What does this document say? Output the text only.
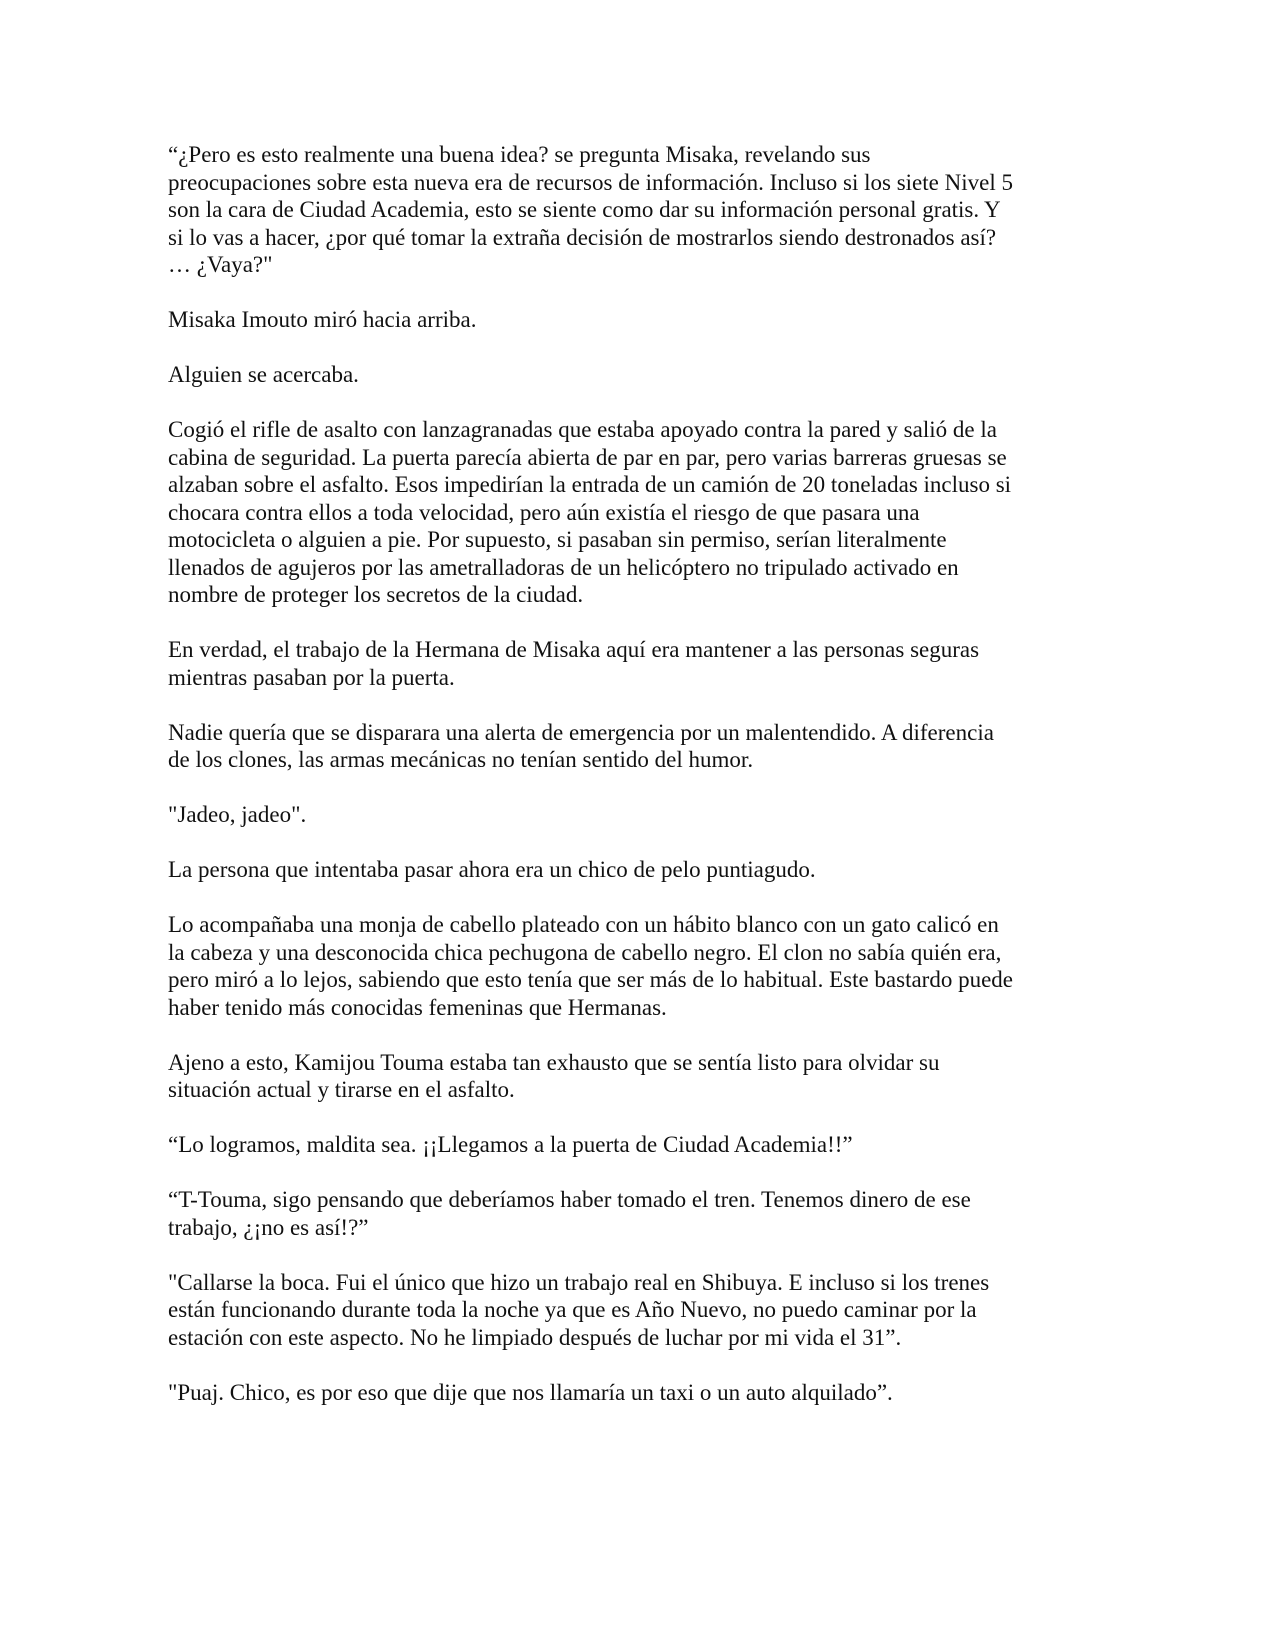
“¿Pero es esto realmente una buena idea? se pregunta Misaka, revelando sus
preocupaciones sobre esta nueva era de recursos de información. Incluso si los siete Nivel 5
son la cara de Ciudad Academia, esto se siente como dar su información personal gratis. Y
si lo vas a hacer, ¿por qué tomar la extraña decisión de mostrarlos siendo destronados así?
… ¿Vaya?"

Misaka Imouto miró hacia arriba.

Alguien se acercaba.

Cogió el rifle de asalto con lanzagranadas que estaba apoyado contra la pared y salió de la
cabina de seguridad. La puerta parecía abierta de par en par, pero varias barreras gruesas se
alzaban sobre el asfalto. Esos impedirían la entrada de un camión de 20 toneladas incluso si
chocara contra ellos a toda velocidad, pero aún existía el riesgo de que pasara una
motocicleta o alguien a pie. Por supuesto, si pasaban sin permiso, serían literalmente
llenados de agujeros por las ametralladoras de un helicóptero no tripulado activado en
nombre de proteger los secretos de la ciudad.

En verdad, el trabajo de la Hermana de Misaka aquí era mantener a las personas seguras
mientras pasaban por la puerta.

Nadie quería que se disparara una alerta de emergencia por un malentendido. A diferencia
de los clones, las armas mecánicas no tenían sentido del humor.

"Jadeo, jadeo".

La persona que intentaba pasar ahora era un chico de pelo puntiagudo.

Lo acompañaba una monja de cabello plateado con un hábito blanco con un gato calicó en
la cabeza y una desconocida chica pechugona de cabello negro. El clon no sabía quién era,
pero miró a lo lejos, sabiendo que esto tenía que ser más de lo habitual. Este bastardo puede
haber tenido más conocidas femeninas que Hermanas.

Ajeno a esto, Kamijou Touma estaba tan exhausto que se sentía listo para olvidar su
situación actual y tirarse en el asfalto.

“Lo logramos, maldita sea. ¡¡Llegamos a la puerta de Ciudad Academia!!”

“T-Touma, sigo pensando que deberíamos haber tomado el tren. Tenemos dinero de ese
trabajo, ¿¡no es así!?”

"Callarse la boca. Fui el único que hizo un trabajo real en Shibuya. E incluso si los trenes
están funcionando durante toda la noche ya que es Año Nuevo, no puedo caminar por la
estación con este aspecto. No he limpiado después de luchar por mi vida el 31”.

"Puaj. Chico, es por eso que dije que nos llamaría un taxi o un auto alquilado”.
